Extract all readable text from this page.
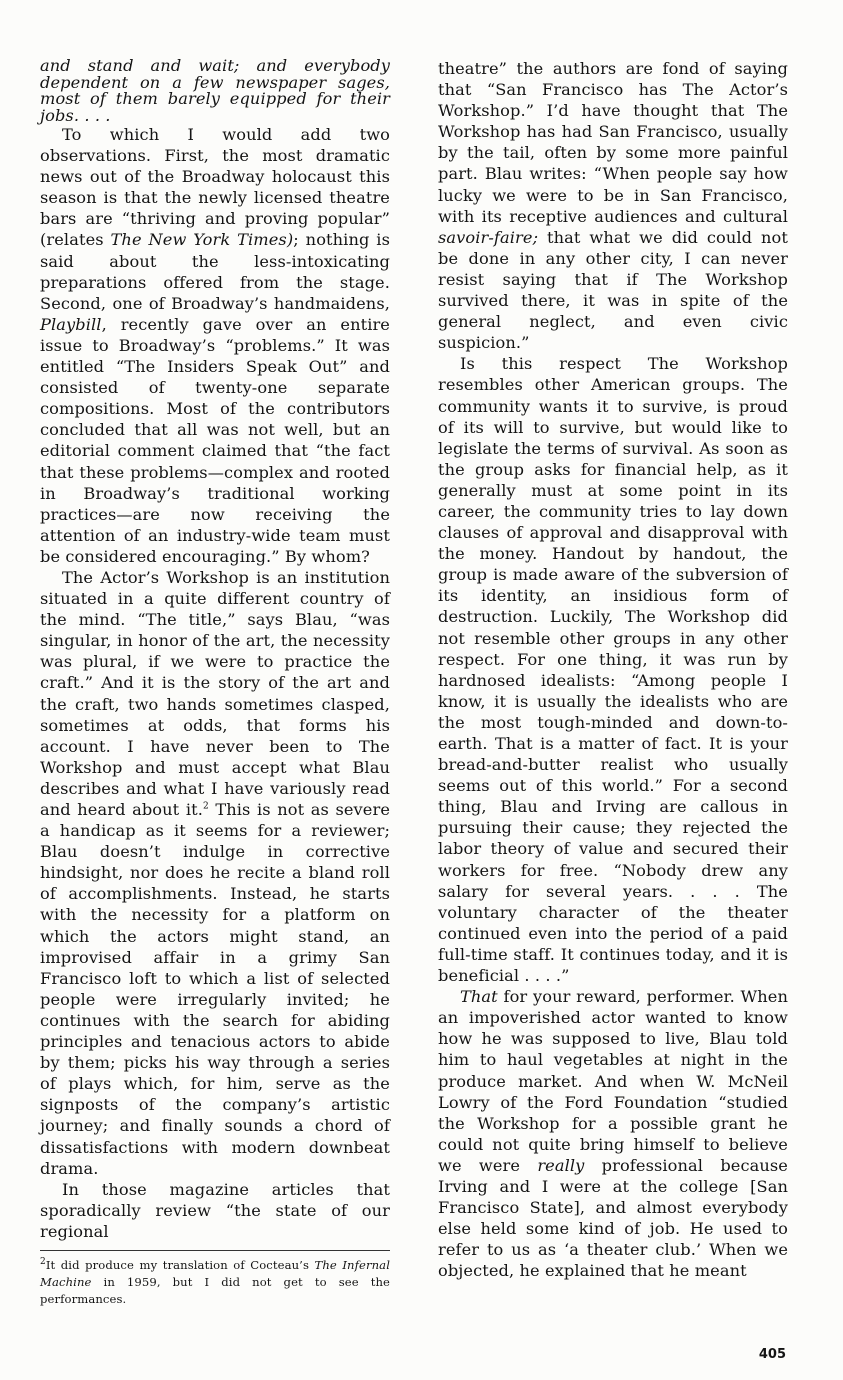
and stand and wait; and everybody dependent on a few newspaper sages, most of them barely equipped for their jobs. . . .

To which I would add two observations. First, the most dramatic news out of the Broadway holocaust this season is that the newly licensed theatre bars are “thriving and proving popular” (relates The New York Times); nothing is said about the less-intoxicating preparations offered from the stage. Second, one of Broadway’s handmaidens, Playbill, recently gave over an entire issue to Broadway’s “problems.” It was entitled “The Insiders Speak Out” and consisted of twenty-one separate compositions. Most of the contributors concluded that all was not well, but an editorial comment claimed that “the fact that these problems—complex and rooted in Broadway’s traditional working practices—are now receiving the attention of an industry-wide team must be considered encouraging.” By whom?

The Actor’s Workshop is an institution situated in a quite different country of the mind. “The title,” says Blau, “was singular, in honor of the art, the necessity was plural, if we were to practice the craft.” And it is the story of the art and the craft, two hands sometimes clasped, sometimes at odds, that forms his account. I have never been to The Workshop and must accept what Blau describes and what I have variously read and heard about it.$^2$ This is not as severe a handicap as it seems for a reviewer; Blau doesn’t indulge in corrective hindsight, nor does he recite a bland roll of accomplishments. Instead, he starts with the necessity for a platform on which the actors might stand, an improvised affair in a grimy San Francisco loft to which a list of selected people were irregularly invited; he continues with the search for abiding principles and tenacious actors to abide by them; picks his way through a series of plays which, for him, serve as the signposts of the company’s artistic journey; and finally sounds a chord of dissatisfactions with modern downbeat drama.

In those magazine articles that sporadically review “the state of our regional

$^2$It did produce my translation of Cocteau’s The Infernal Machine in 1959, but I did not get to see the performances.

theatre” the authors are fond of saying that “San Francisco has The Actor’s Workshop.” I’d have thought that The Workshop has had San Francisco, usually by the tail, often by some more painful part. Blau writes: “When people say how lucky we were to be in San Francisco, with its receptive audiences and cultural savoir-faire; that what we did could not be done in any other city, I can never resist saying that if The Workshop survived there, it was in spite of the general neglect, and even civic suspicion.”

Is this respect The Workshop resembles other American groups. The community wants it to survive, is proud of its will to survive, but would like to legislate the terms of survival. As soon as the group asks for financial help, as it generally must at some point in its career, the community tries to lay down clauses of approval and disapproval with the money. Handout by handout, the group is made aware of the subversion of its identity, an insidious form of destruction. Luckily, The Workshop did not resemble other groups in any other respect. For one thing, it was run by hardnosed idealists: “Among people I know, it is usually the idealists who are the most tough-minded and down-to-earth. That is a matter of fact. It is your bread-and-butter realist who usually seems out of this world.” For a second thing, Blau and Irving are callous in pursuing their cause; they rejected the labor theory of value and secured their workers for free. “Nobody drew any salary for several years. . . . The voluntary character of the theater continued even into the period of a paid full-time staff. It continues today, and it is beneficial . . . .”

That for your reward, performer. When an impoverished actor wanted to know how he was supposed to live, Blau told him to haul vegetables at night in the produce market. And when W. McNeil Lowry of the Ford Foundation “studied the Workshop for a possible grant he could not quite bring himself to believe we were really professional because Irving and I were at the college [San Francisco State], and almost everybody else held some kind of job. He used to refer to us as ‘a theater club.’ When we objected, he explained that he meant

405
